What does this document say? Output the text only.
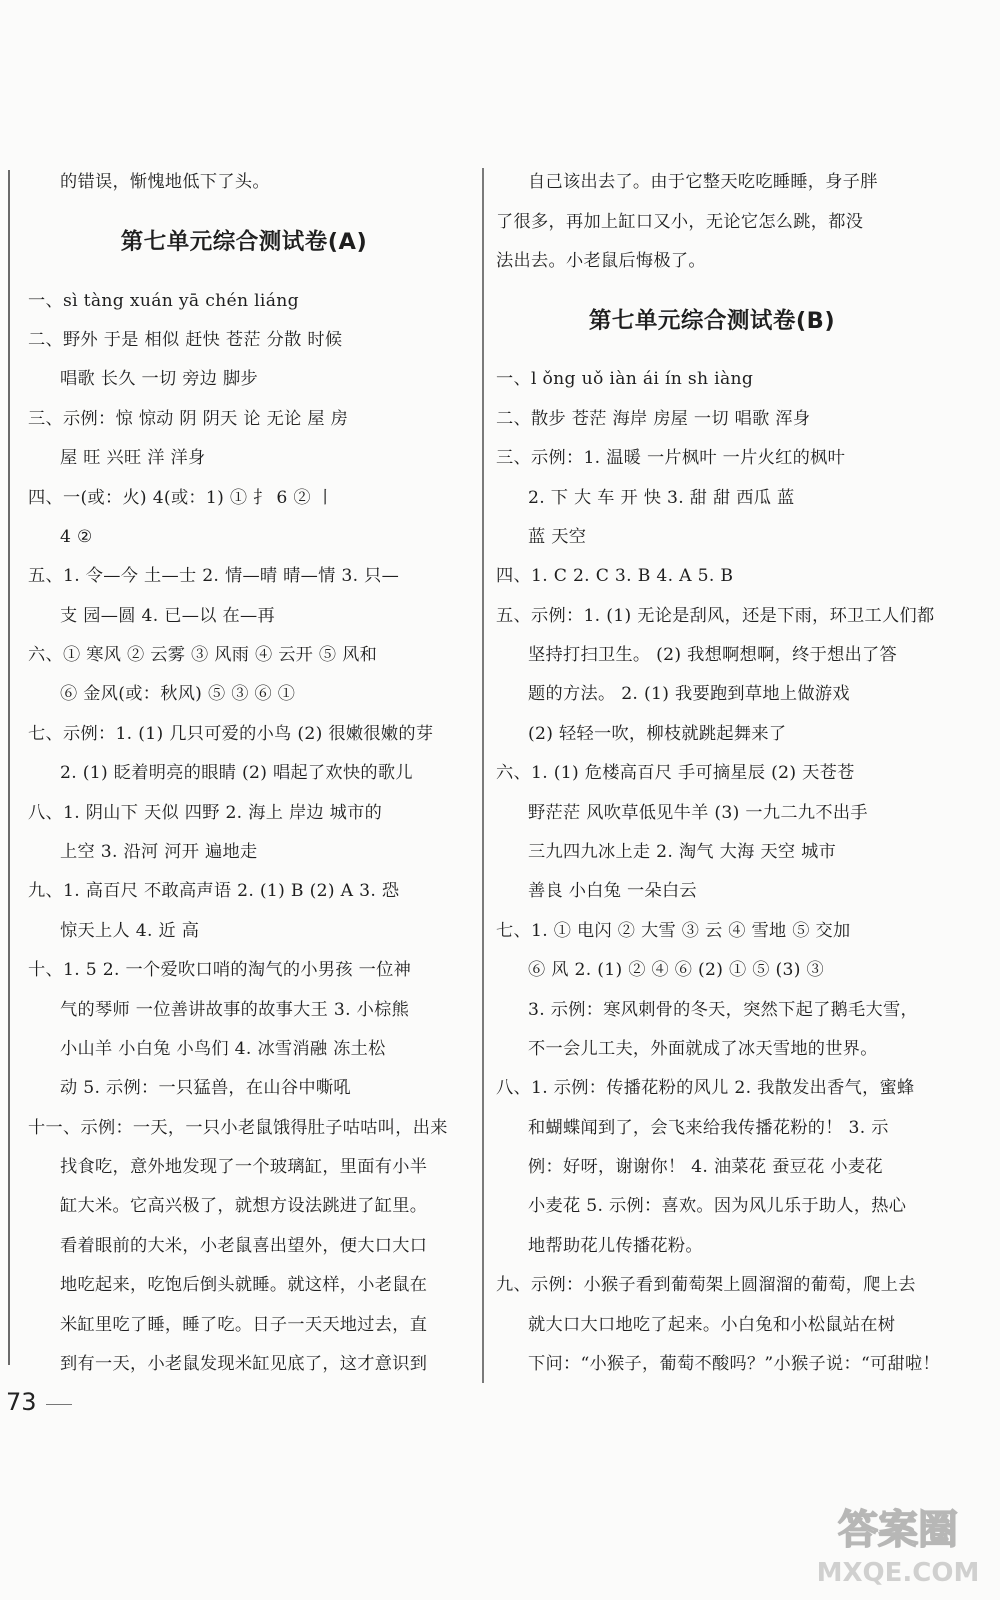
的错误，惭愧地低下了头。
第七单元综合测试卷(A)
一、sì tàng xuán yā chén liáng
二、野外 于是 相似 赶快 苍茫 分散 时候
唱歌 长久 一切 旁边 脚步
三、示例：惊 惊动 阴 阴天 论 无论 屋 房
屋 旺 兴旺 洋 洋身
四、一(或：火) 4(或：1) ① 扌 6 ② 丨
4 ②
五、1. 令—今 土—士 2. 情—晴 晴—情 3. 只—
支 园—圆 4. 已—以 在—再
六、① 寒风 ② 云雾 ③ 风雨 ④ 云开 ⑤ 风和
⑥ 金风(或：秋风) ⑤ ③ ⑥ ①
七、示例：1. (1) 几只可爱的小鸟 (2) 很嫩很嫩的芽
2. (1) 眨着明亮的眼睛 (2) 唱起了欢快的歌儿
八、1. 阴山下 天似 四野 2. 海上 岸边 城市的
上空 3. 沿河 河开 遍地走
九、1. 高百尺 不敢高声语 2. (1) B (2) A 3. 恐
惊天上人 4. 近 高
十、1. 5 2. 一个爱吹口哨的淘气的小男孩 一位神
气的琴师 一位善讲故事的故事大王 3. 小棕熊
小山羊 小白兔 小鸟们 4. 冰雪消融 冻土松
动 5. 示例：一只猛兽，在山谷中嘶吼
十一、示例：一天，一只小老鼠饿得肚子咕咕叫，出来
找食吃，意外地发现了一个玻璃缸，里面有小半
缸大米。它高兴极了，就想方设法跳进了缸里。
看着眼前的大米，小老鼠喜出望外，便大口大口
地吃起来，吃饱后倒头就睡。就这样，小老鼠在
米缸里吃了睡，睡了吃。日子一天天地过去，直
到有一天，小老鼠发现米缸见底了，这才意识到
自己该出去了。由于它整天吃吃睡睡，身子胖
了很多，再加上缸口又小，无论它怎么跳，都没
法出去。小老鼠后悔极了。
第七单元综合测试卷(B)
一、l ǒng uǒ iàn ái ín sh iàng
二、散步 苍茫 海岸 房屋 一切 唱歌 浑身
三、示例：1. 温暖 一片枫叶 一片火红的枫叶
2. 下 大 车 开 快 3. 甜 甜 西瓜 蓝
蓝 天空
四、1. C 2. C 3. B 4. A 5. B
五、示例：1. (1) 无论是刮风，还是下雨，环卫工人们都
坚持打扫卫生。 (2) 我想啊想啊，终于想出了答
题的方法。 2. (1) 我要跑到草地上做游戏
(2) 轻轻一吹，柳枝就跳起舞来了
六、1. (1) 危楼高百尺 手可摘星辰 (2) 天苍苍
野茫茫 风吹草低见牛羊 (3) 一九二九不出手
三九四九冰上走 2. 淘气 大海 天空 城市
善良 小白兔 一朵白云
七、1. ① 电闪 ② 大雪 ③ 云 ④ 雪地 ⑤ 交加
⑥ 风 2. (1) ② ④ ⑥ (2) ① ⑤ (3) ③
3. 示例：寒风刺骨的冬天，突然下起了鹅毛大雪，
不一会儿工夫，外面就成了冰天雪地的世界。
八、1. 示例：传播花粉的风儿 2. 我散发出香气，蜜蜂
和蝴蝶闻到了，会飞来给我传播花粉的！ 3. 示
例：好呀，谢谢你！ 4. 油菜花 蚕豆花 小麦花
小麦花 5. 示例：喜欢。因为风儿乐于助人，热心
地帮助花儿传播花粉。
九、示例：小猴子看到葡萄架上圆溜溜的葡萄，爬上去
就大口大口地吃了起来。小白兔和小松鼠站在树
下问：“小猴子，葡萄不酸吗？”小猴子说：“可甜啦！
73
答案圈
MXQE.COM
